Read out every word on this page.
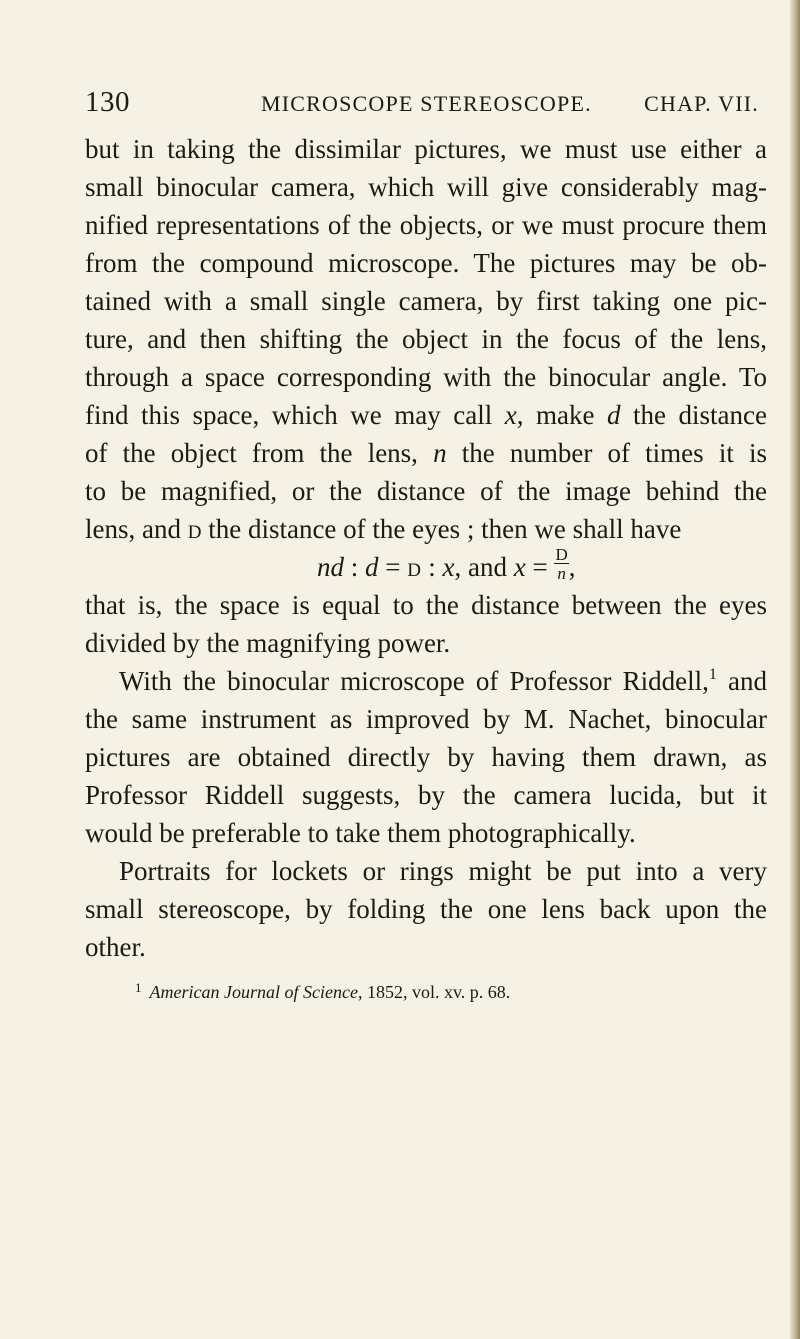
130	MICROSCOPE STEREOSCOPE. CHAP. VII.
but in taking the dissimilar pictures, we must use either a
small binocular camera, which will give considerably mag-
nified representations of the objects, or we must procure them
from the compound microscope. The pictures may be ob-
tained with a small single camera, by first taking one pic-
ture, and then shifting the object in the focus of the lens,
through a space corresponding with the binocular angle. To
find this space, which we may call x, make d the distance
of the object from the lens, n the number of times it is
to be magnified, or the distance of the image behind the
lens, and D the distance of the eyes ; then we shall have
nd : d = D : x, and $x = \frac{D}{n}$ ,
that is, the space is equal to the distance between the eyes
divided by the magnifying power.
With the binocular microscope of Professor Riddell,$^1$ and
the same instrument as improved by M. Nachet, binocular
pictures are obtained directly by having them drawn, as
Professor Riddell suggests, by the camera lucida, but it
would be preferable to take them photographically.
Portraits for lockets or rings might be put into a very
small stereoscope, by folding the one lens back upon the
other.
$^1$ American Journal of Science, 1852, vol. xv. p. 68.
